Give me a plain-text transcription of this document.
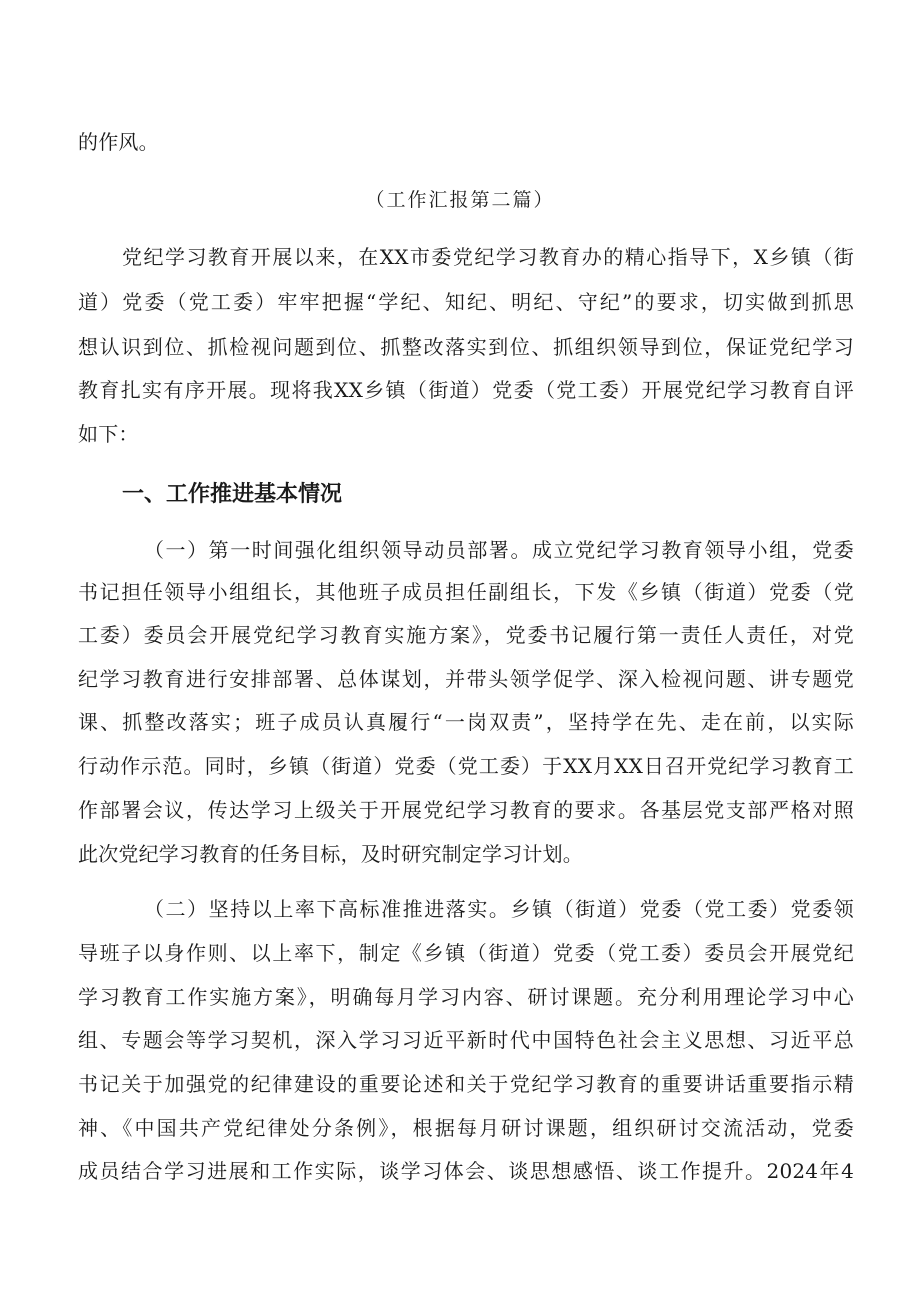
的作风。
（工作汇报第二篇）
党纪学习教育开展以来，在XX市委党纪学习教育办的精心指导下，X乡镇（街
道）党委（党工委）牢牢把握“学纪、知纪、明纪、守纪”的要求，切实做到抓思
想认识到位、抓检视问题到位、抓整改落实到位、抓组织领导到位，保证党纪学习
教育扎实有序开展。现将我XX乡镇（街道）党委（党工委）开展党纪学习教育自评
如下：
一、工作推进基本情况
（一）第一时间强化组织领导动员部署。成立党纪学习教育领导小组，党委
书记担任领导小组组长，其他班子成员担任副组长，下发《乡镇（街道）党委（党
工委）委员会开展党纪学习教育实施方案》，党委书记履行第一责任人责任，对党
纪学习教育进行安排部署、总体谋划，并带头领学促学、深入检视问题、讲专题党
课、抓整改落实；班子成员认真履行“一岗双责”，坚持学在先、走在前，以实际
行动作示范。同时，乡镇（街道）党委（党工委）于XX月XX日召开党纪学习教育工
作部署会议，传达学习上级关于开展党纪学习教育的要求。各基层党支部严格对照
此次党纪学习教育的任务目标，及时研究制定学习计划。
（二）坚持以上率下高标准推进落实。乡镇（街道）党委（党工委）党委领
导班子以身作则、以上率下，制定《乡镇（街道）党委（党工委）委员会开展党纪
学习教育工作实施方案》，明确每月学习内容、研讨课题。充分利用理论学习中心
组、专题会等学习契机，深入学习习近平新时代中国特色社会主义思想、习近平总
书记关于加强党的纪律建设的重要论述和关于党纪学习教育的重要讲话重要指示精
神、《中国共产党纪律处分条例》，根据每月研讨课题，组织研讨交流活动，党委
成员结合学习进展和工作实际，谈学习体会、谈思想感悟、谈工作提升。2024年4
